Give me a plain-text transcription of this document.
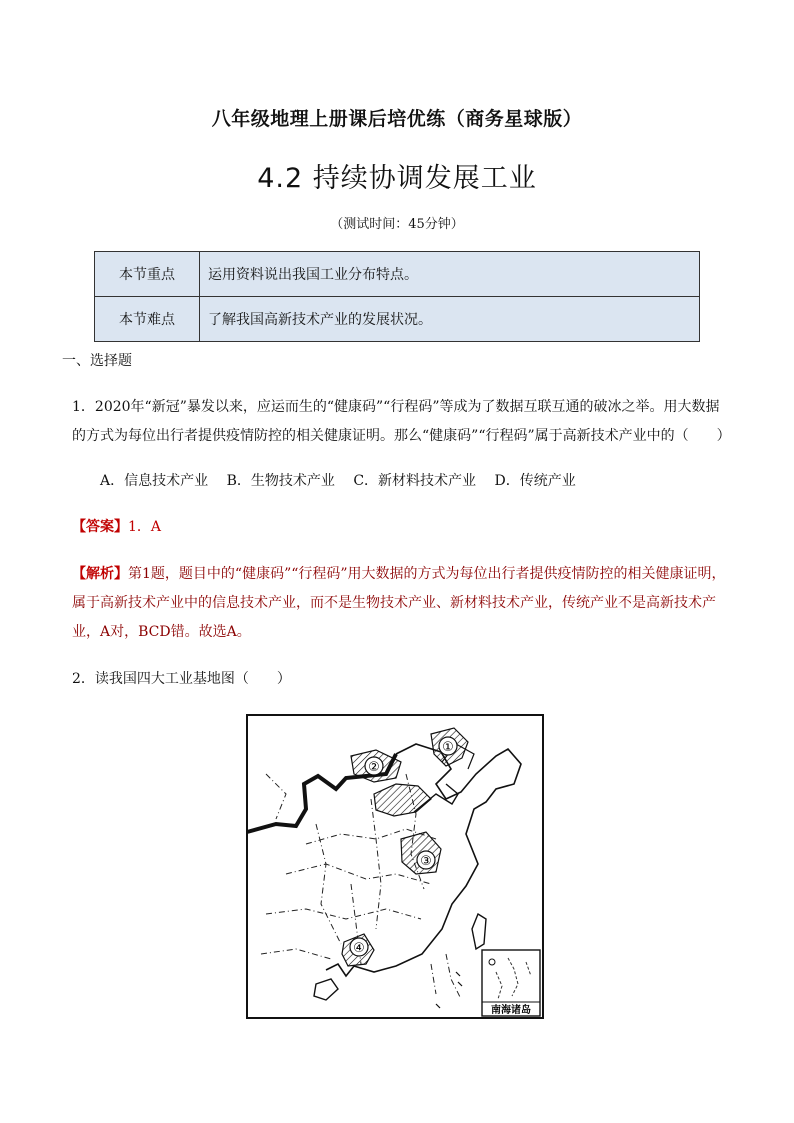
八年级地理上册课后培优练（商务星球版）
4.2 持续协调发展工业
（测试时间：45分钟）
本节重点	运用资料说出我国工业分布特点。
本节难点	了解我国高新技术产业的发展状况。
一、选择题
1．2020年“新冠”暴发以来，应运而生的“健康码”“行程码”等成为了数据互联互通的破冰之举。用大数据的方式为每位出行者提供疫情防控的相关健康证明。那么“健康码”“行程码”属于高新技术产业中的（　　）
A．信息技术产业 B．生物技术产业 C．新材料技术产业 D．传统产业
【答案】1．A
【解析】第1题，题目中的“健康码”“行程码”用大数据的方式为每位出行者提供疫情防控的相关健康证明，属于高新技术产业中的信息技术产业，而不是生物技术产业、新材料技术产业，传统产业不是高新技术产业，A对，BCD错。故选A。
2．读我国四大工业基地图（　　）
①
②
③
④
南海诸岛
